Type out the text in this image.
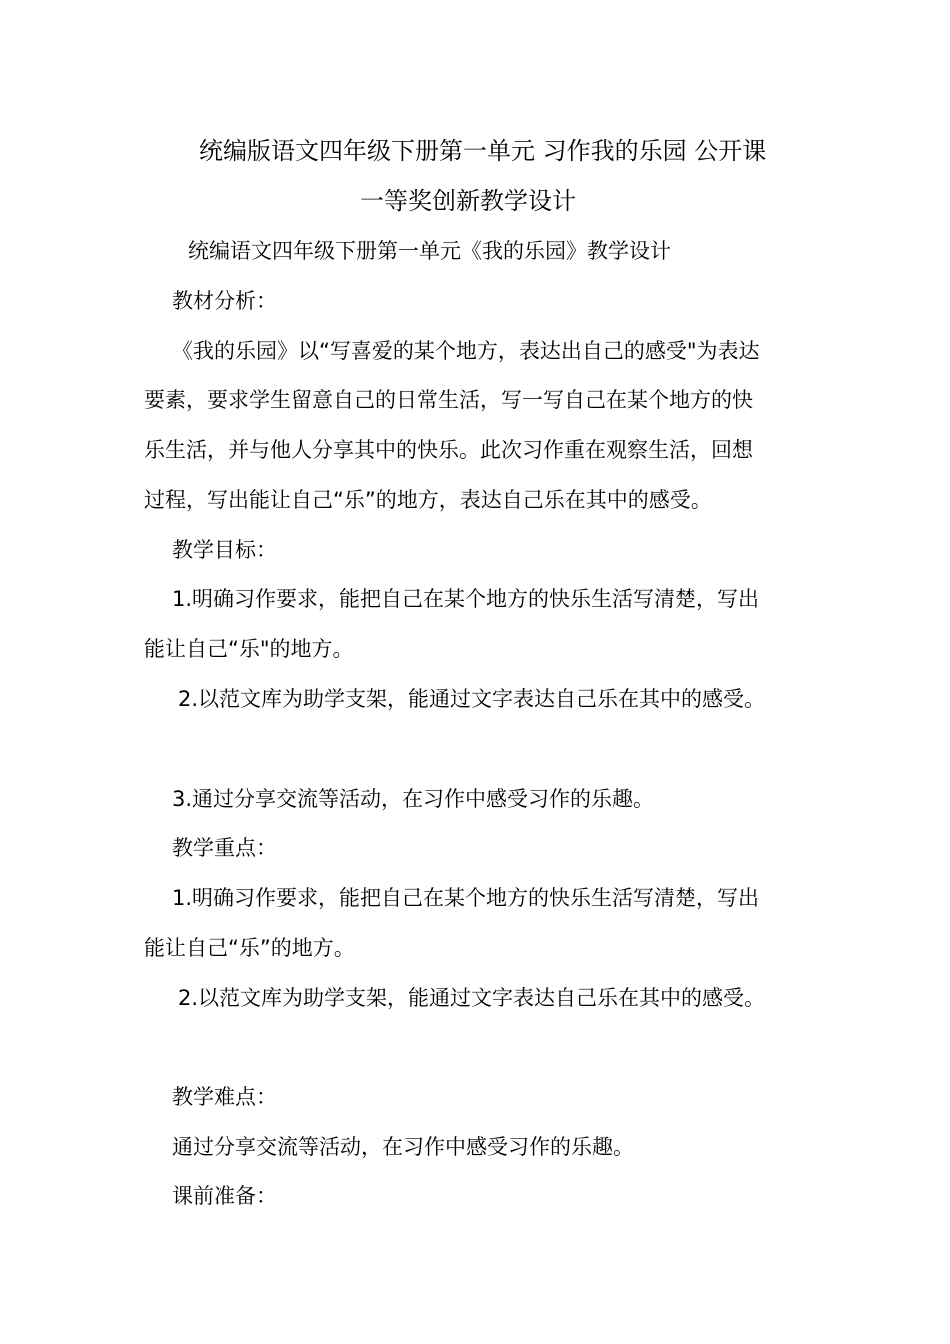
统编版语文四年级下册第一单元 习作我的乐园 公开课
一等奖创新教学设计
统编语文四年级下册第一单元《我的乐园》教学设计
教材分析：
《我的乐园》以“写喜爱的某个地方，表达出自己的感受"为表达
要素，要求学生留意自己的日常生活，写一写自己在某个地方的快
乐生活，并与他人分享其中的快乐。此次习作重在观察生活，回想
过程，写出能让自己“乐”的地方，表达自己乐在其中的感受。
教学目标：
1.明确习作要求，能把自己在某个地方的快乐生活写清楚，写出
能让自己“乐"的地方。
2.以范文库为助学支架，能通过文字表达自己乐在其中的感受。
3.通过分享交流等活动，在习作中感受习作的乐趣。
教学重点：
1.明确习作要求，能把自己在某个地方的快乐生活写清楚，写出
能让自己“乐”的地方。
2.以范文库为助学支架，能通过文字表达自己乐在其中的感受。
教学难点：
通过分享交流等活动，在习作中感受习作的乐趣。
课前准备：
